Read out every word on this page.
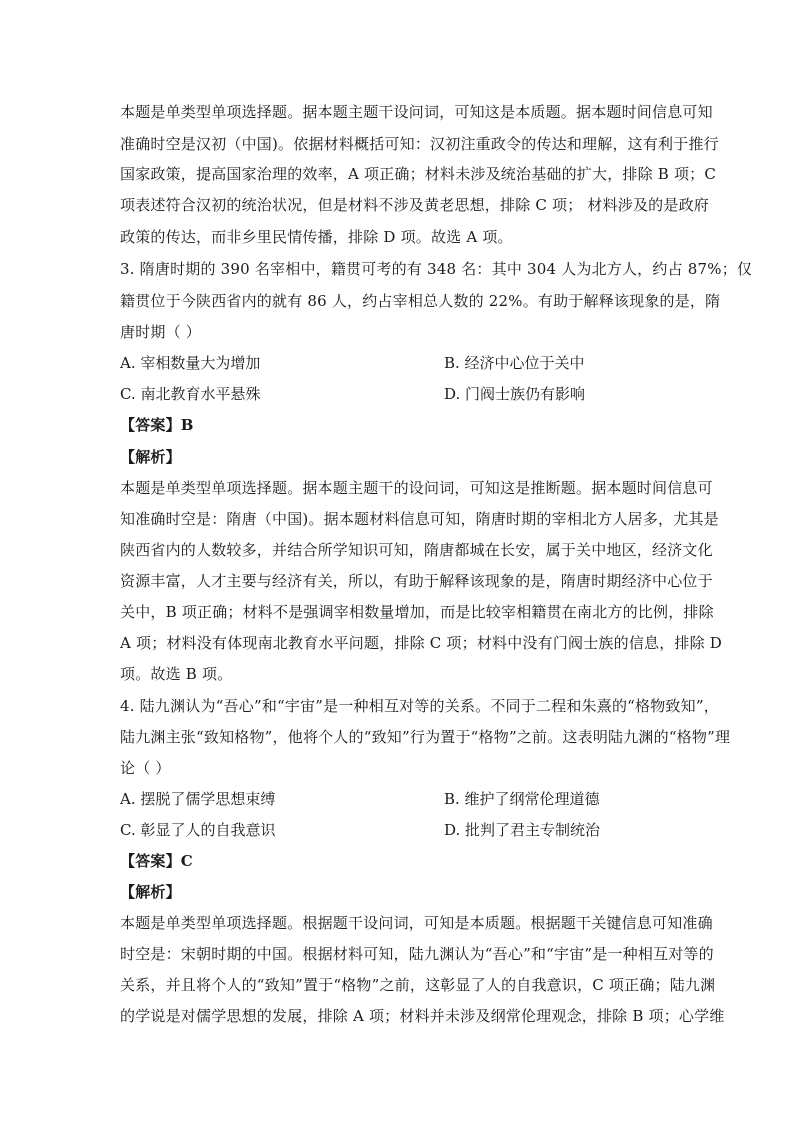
本题是单类型单项选择题。据本题主题干设问词，可知这是本质题。据本题时间信息可知
准确时空是汉初（中国)。依据材料概括可知：汉初注重政令的传达和理解，这有利于推行
国家政策，提高国家治理的效率，A 项正确；材料未涉及统治基础的扩大，排除 B 项；C
项表述符合汉初的统治状况，但是材料不涉及黄老思想，排除 C 项； 材料涉及的是政府
政策的传达，而非乡里民情传播，排除 D 项。故选 A 项。
3. 隋唐时期的 390 名宰相中，籍贯可考的有 348 名：其中 304 人为北方人，约占 87%；仅
籍贯位于今陕西省内的就有 86 人，约占宰相总人数的 22%。有助于解释该现象的是，隋
唐时期（ ）
A. 宰相数量大为增加	B. 经济中心位于关中
C. 南北教育水平悬殊	D. 门阀士族仍有影响
【答案】B
【解析】
本题是单类型单项选择题。据本题主题干的设问词，可知这是推断题。据本题时间信息可
知准确时空是：隋唐（中国)。据本题材料信息可知，隋唐时期的宰相北方人居多，尤其是
陕西省内的人数较多，并结合所学知识可知，隋唐都城在长安，属于关中地区，经济文化
资源丰富，人才主要与经济有关，所以，有助于解释该现象的是，隋唐时期经济中心位于
关中，B 项正确；材料不是强调宰相数量增加，而是比较宰相籍贯在南北方的比例，排除
A 项；材料没有体现南北教育水平问题，排除 C 项；材料中没有门阀士族的信息，排除 D
项。故选 B 项。
4. 陆九渊认为“吾心”和“宇宙”是一种相互对等的关系。不同于二程和朱熹的“格物致知”，
陆九渊主张“致知格物”，他将个人的“致知”行为置于“格物”之前。这表明陆九渊的“格物”理
论（ ）
A. 摆脱了儒学思想束缚	B. 维护了纲常伦理道德
C. 彰显了人的自我意识	D. 批判了君主专制统治
【答案】C
【解析】
本题是单类型单项选择题。根据题干设问词，可知是本质题。根据题干关键信息可知准确
时空是：宋朝时期的中国。根据材料可知，陆九渊认为“吾心”和“宇宙”是一种相互对等的
关系，并且将个人的“致知”置于“格物”之前，这彰显了人的自我意识，C 项正确；陆九渊
的学说是对儒学思想的发展，排除 A 项；材料并未涉及纲常伦理观念，排除 B 项；心学维
